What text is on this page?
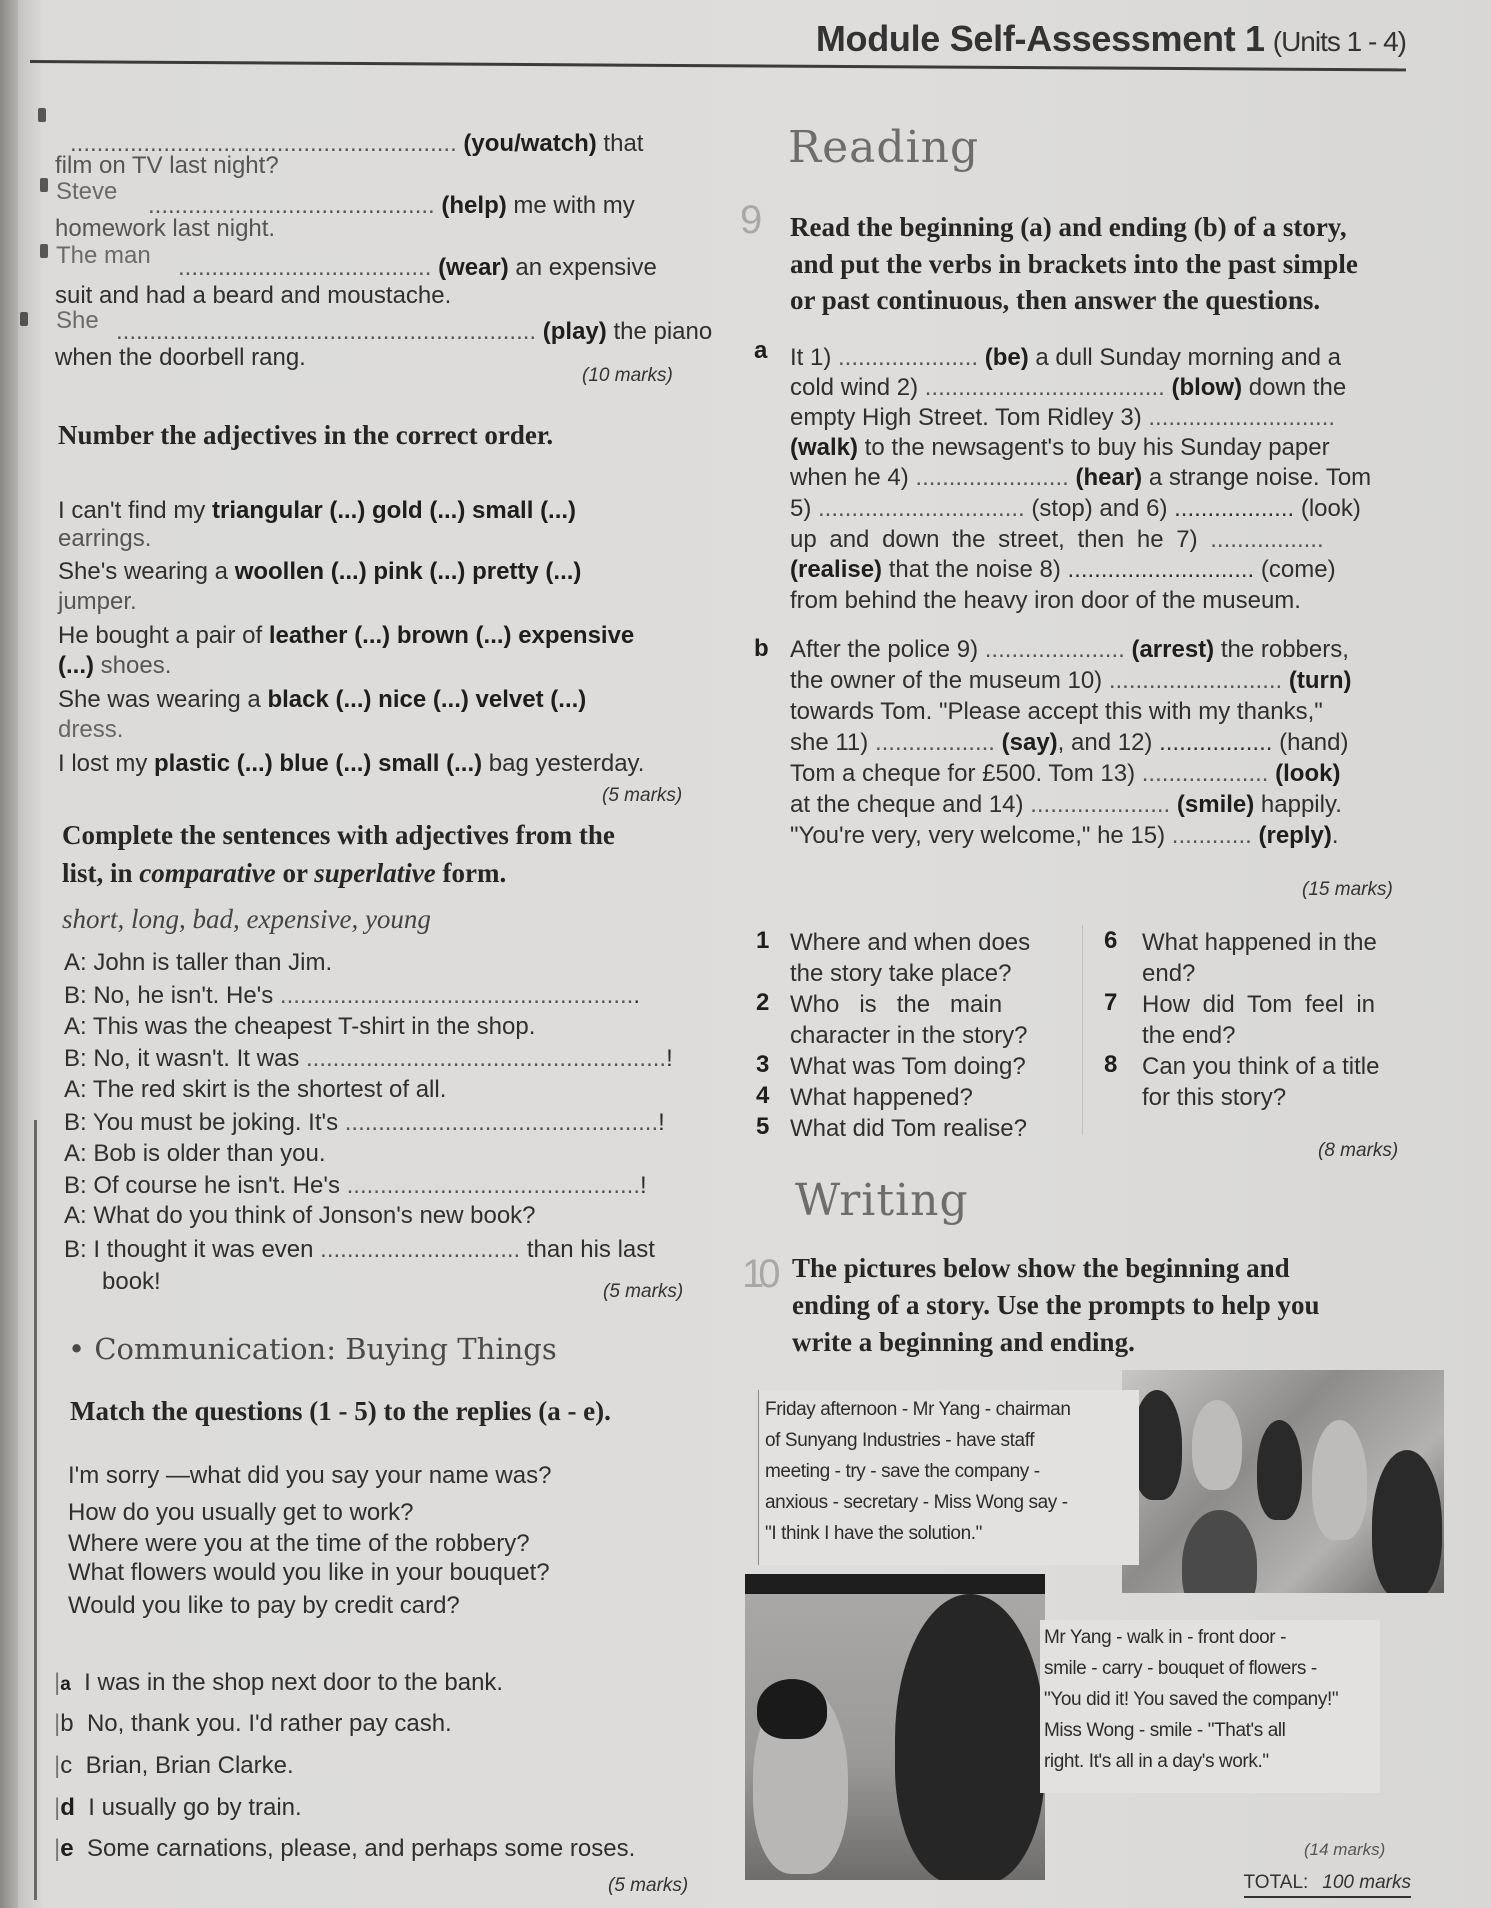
Module Self-Assessment 1 (Units 1 - 4)
.......................................................... (you/watch) that
film on TV last night?
Steve
........................................... (help) me with my
homework last night.
The man ...................................... (wear) an expensive
suit and had a beard and moustache.
She ............................................................... (play) the piano
when the doorbell rang.
(10 marks)
Number the adjectives in the correct order.
I can't find my triangular (...) gold (...) small (...)
earrings.
She's wearing a woollen (...) pink (...) pretty (...)
jumper.
He bought a pair of leather (...) brown (...) expensive
(...) shoes.
She was wearing a black (...) nice (...) velvet (...)
dress.
I lost my plastic (...) blue (...) small (...) bag yesterday.
(5 marks)
Complete the sentences with adjectives from the
list, in comparative or superlative form.
short, long, bad, expensive, young
A: John is taller than Jim.
B: No, he isn't. He's ......................................................
A: This was the cheapest T-shirt in the shop.
B: No, it wasn't. It was ......................................................!
A: The red skirt is the shortest of all.
B: You must be joking. It's ...............................................!
A: Bob is older than you.
B: Of course he isn't. He's ............................................!
A: What do you think of Jonson's new book?
B: I thought it was even .............................. than his last
book!	(5 marks)
• Communication: Buying Things
Match the questions (1 - 5) to the replies (a - e).
I'm sorry —what did you say your name was?
How do you usually get to work?
Where were you at the time of the robbery?
What flowers would you like in your bouquet?
Would you like to pay by credit card?
|a I was in the shop next door to the bank.
|b No, thank you. I'd rather pay cash.
|c Brian, Brian Clarke.
|d I usually go by train.
|e Some carnations, please, and perhaps some roses.
(5 marks)
Reading
9 Read the beginning (a) and ending (b) of a story,
and put the verbs in brackets into the past simple
or past continuous, then answer the questions.
a It 1) ..................... (be) a dull Sunday morning and a
cold wind 2) .................................... (blow) down the
empty High Street. Tom Ridley 3) ............................
(walk) to the newsagent's to buy his Sunday paper
when he 4) ....................... (hear) a strange noise. Tom
5) ............................... (stop) and 6) .................. (look)
up and down the street, then he 7) .................
(realise) that the noise 8) ............................ (come)
from behind the heavy iron door of the museum.
b After the police 9) ..................... (arrest) the robbers,
the owner of the museum 10) .......................... (turn)
towards Tom. "Please accept this with my thanks,"
she 11) .................. (say), and 12) ................. (hand)
Tom a cheque for £500. Tom 13) ................... (look)
at the cheque and 14) ..................... (smile) happily.
"You're very, very welcome," he 15) ............ (reply).
(15 marks)
1 Where and when does
the story take place?
2 Who   is   the   main
character in the story?
3 What was Tom doing?
4 What happened?
5 What did Tom realise?
6 What happened in the
end?
7 How did Tom feel in
the end?
8 Can you think of a title
for this story?
(8 marks)
Writing
10 The pictures below show the beginning and
ending of a story. Use the prompts to help you
write a beginning and ending.
Friday afternoon - Mr Yang - chairman
of Sunyang Industries - have staff
meeting - try - save the company -
anxious - secretary - Miss Wong say -
"I think I have the solution."
Mr Yang - walk in - front door -
smile - carry - bouquet of flowers -
"You did it! You saved the company!"
Miss Wong - smile - "That's all
right. It's all in a day's work."
(14 marks)
TOTAL: 100 marks
